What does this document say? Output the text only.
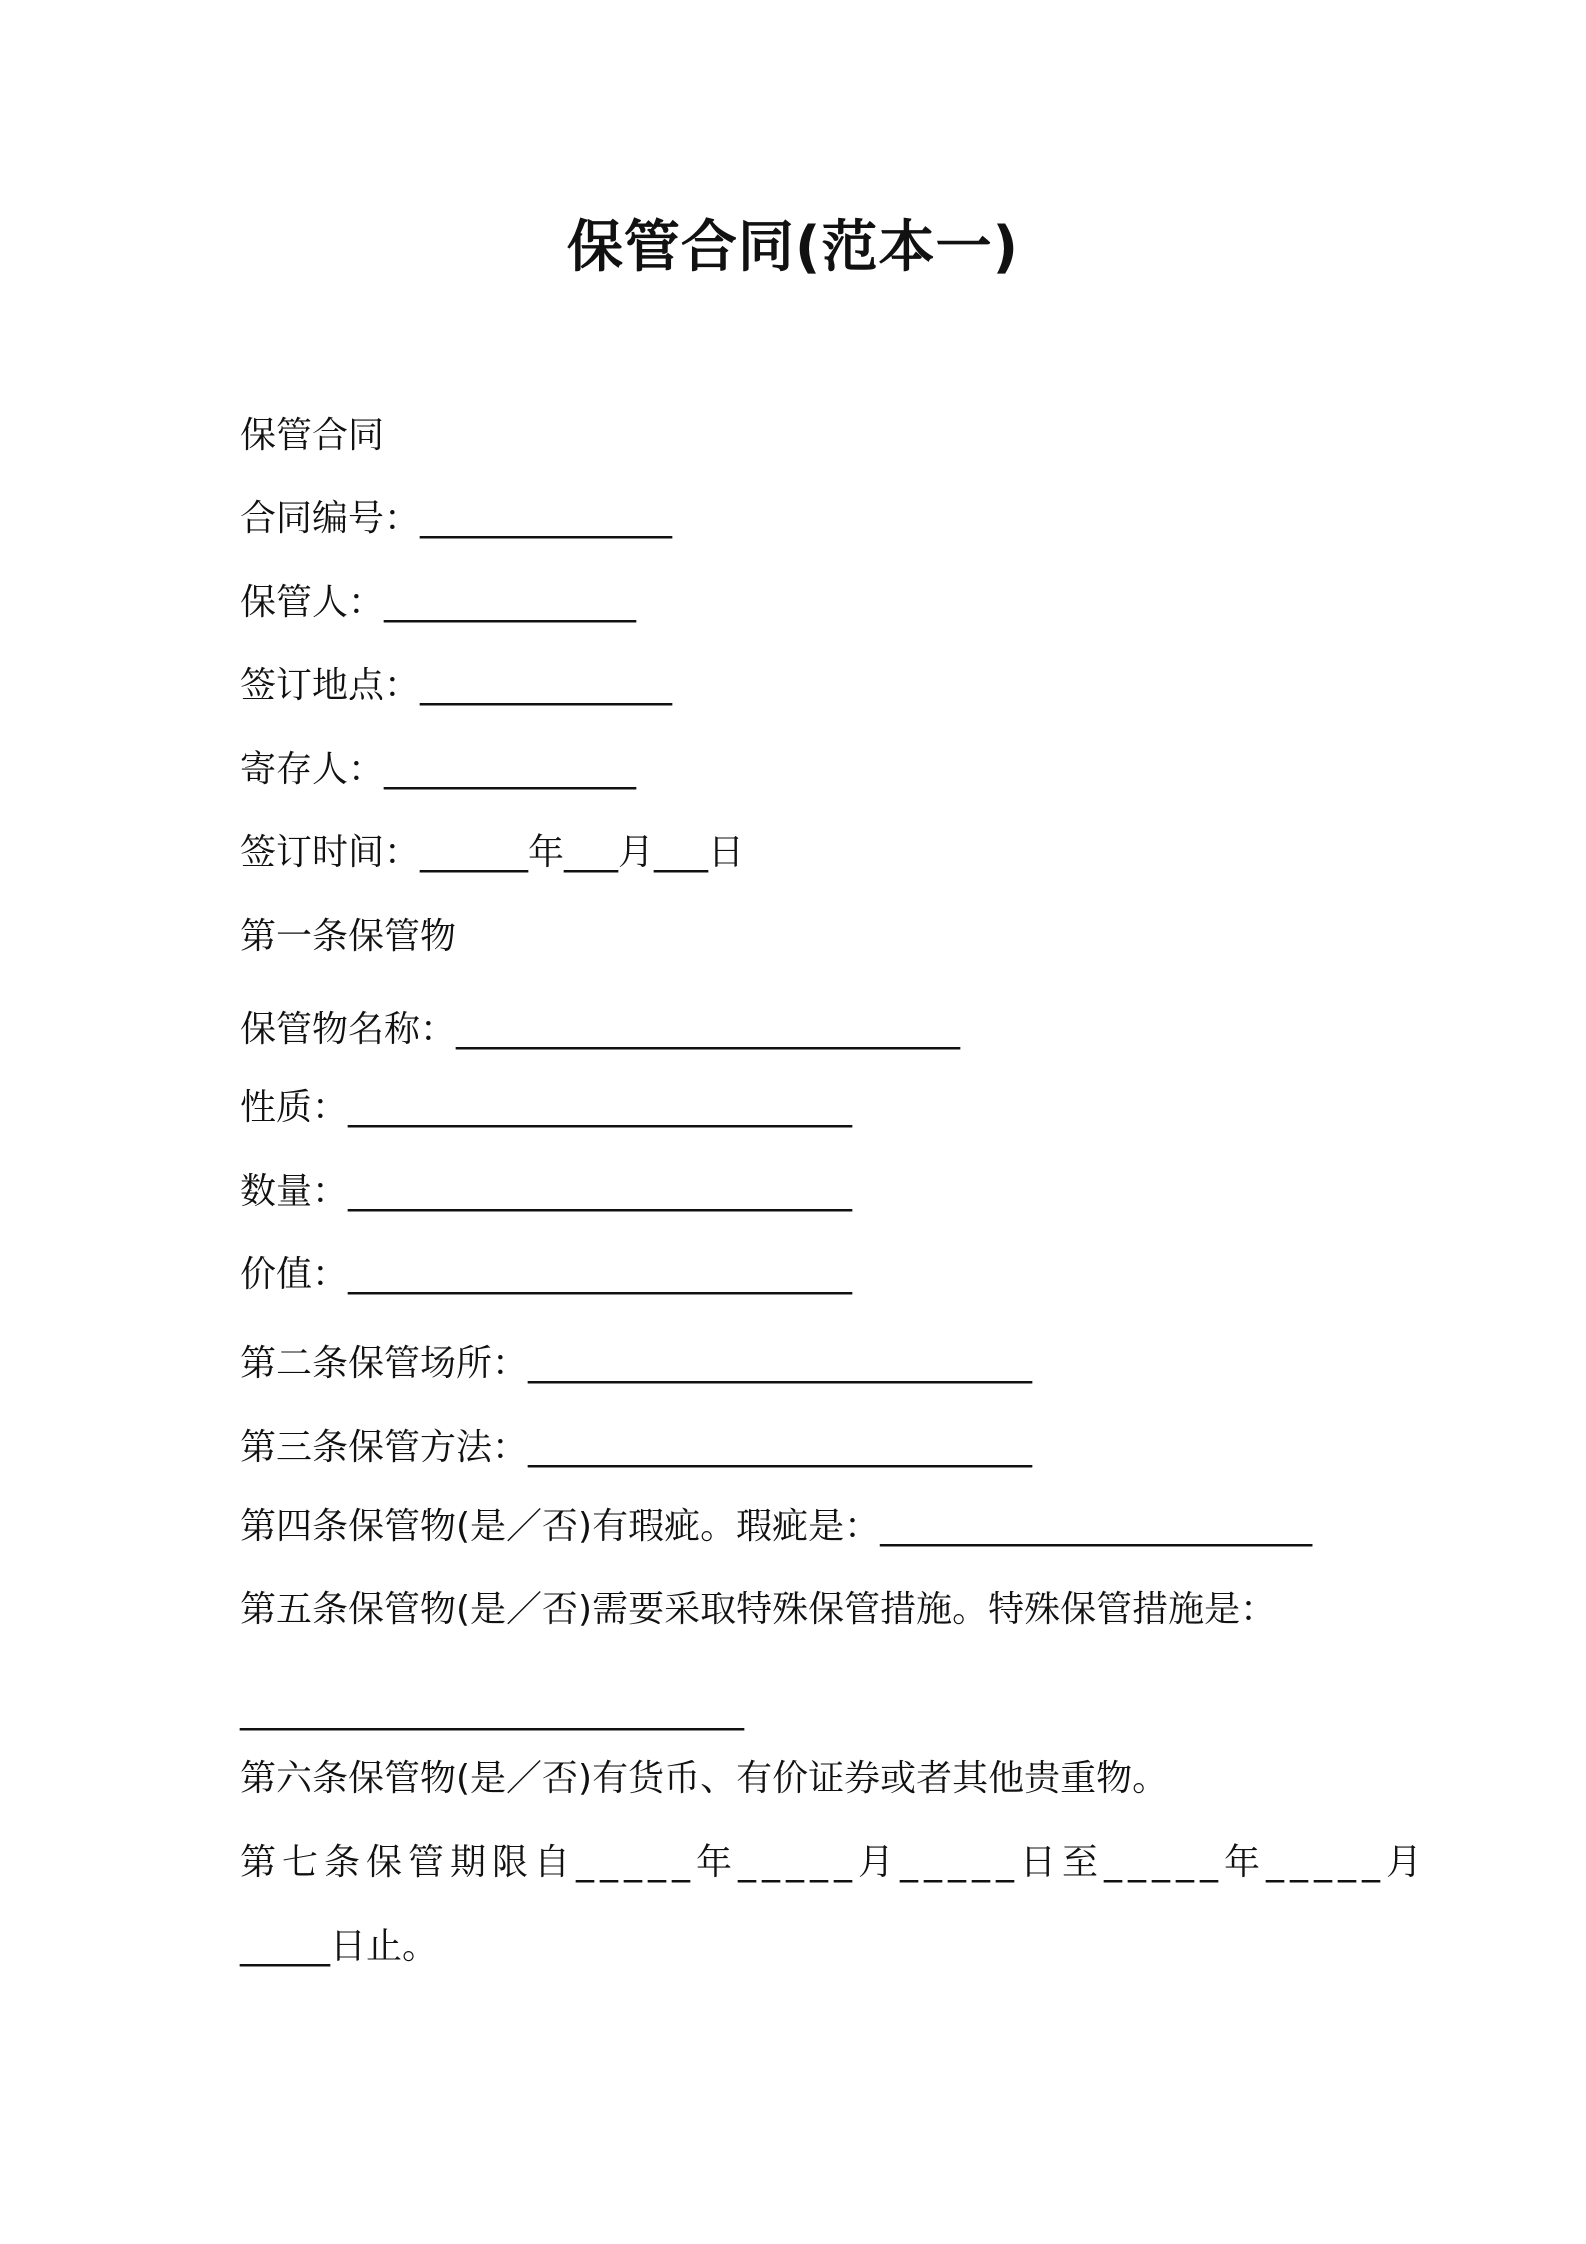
保管合同(范本一)
保管合同
合同编号：______________
保管人：______________
签订地点：______________
寄存人：______________
签订时间：______年___月___日
第一条保管物
保管物名称：____________________________
性质：____________________________
数量：____________________________
价值：____________________________
第二条保管场所：____________________________
第三条保管方法：____________________________
第四条保管物(是／否)有瑕疵。瑕疵是：________________________
第五条保管物(是／否)需要采取特殊保管措施。特殊保管措施是：
____________________________
第六条保管物(是／否)有货币、有价证券或者其他贵重物。
第七条保管期限自_____年_____月_____日至_____年_____月
_____日止。
